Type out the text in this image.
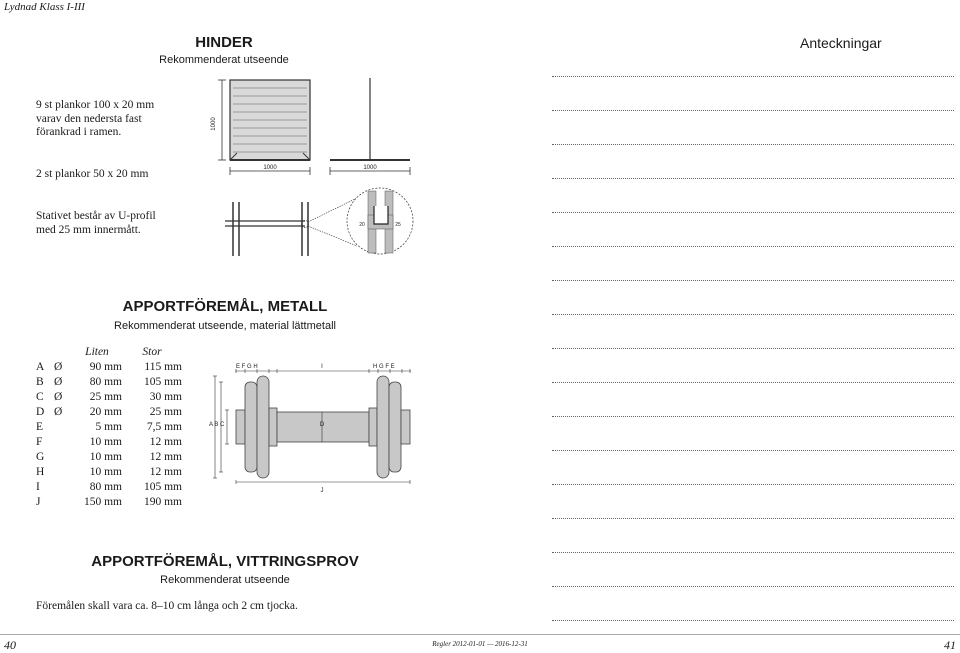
Lydnad Klass I-III
HINDER
Rekommenderat utseende
9 st plankor 100 x 20 mm
varav den nedersta fast
förankrad i ramen.
2 st plankor 50 x 20 mm
Stativet består av U-profil
med 25 mm innermått.
1000
1000	1000
20	25
Anteckningar
APPORTFÖREMÅL, METALL
Rekommenderat utseende, material lättmetall
		Liten	Stor
A	Ø	90 mm	115 mm
B	Ø	80 mm	105 mm
C	Ø	25 mm	30 mm
D	Ø	20 mm	25 mm
E		5 mm	7,5 mm
F		10 mm	12 mm
G		10 mm	12 mm
H		10 mm	12 mm
I		80 mm	105 mm
J		150 mm	190 mm
E F G H	I	H G F E
A B C	D
J
APPORTFÖREMÅL, VITTRINGSPROV
Rekommenderat utseende
Föremålen skall vara ca. 8–10 cm långa och 2 cm tjocka.
40	Regler 2012-01-01 — 2016-12-31	41
